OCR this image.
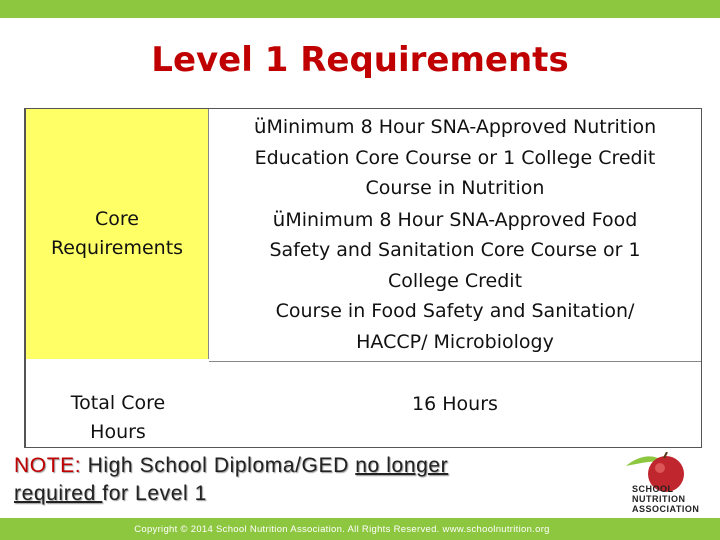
Level 1 Requirements
Core
Requirements
üMinimum 8 Hour SNA-Approved Nutrition
Education Core Course or 1 College Credit
Course in Nutrition
üMinimum 8 Hour SNA-Approved Food
Safety and Sanitation Core Course or 1
College Credit
Course in Food Safety and Sanitation/
HACCP/ Microbiology
Total Core
Hours
16 Hours
NOTE: High School Diploma/GED no longer
required for Level 1	SCHOOL
NUTRITION
ASSOCIATION
Copyright © 2014 School Nutrition Association. All Rights Reserved. www.schoolnutrition.org
